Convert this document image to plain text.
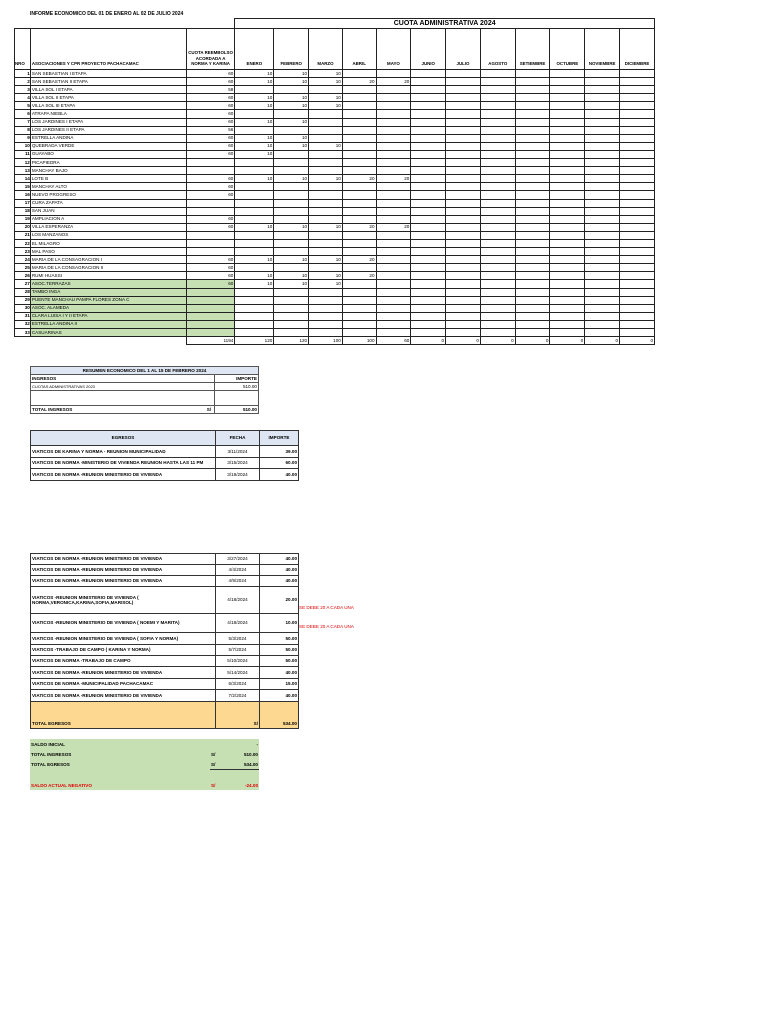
INFORME ECONOMICO DEL 01 DE ENERO AL 02 DE JULIO 2024
			CUOTA ADMINISTRATIVA 2024											
NRO	ASOCIACIONES Y CPR PROYECTO PACHACAMAC	CUOTA REEMBOLSO ACORDADA A NORMA Y KARINA	ENERO	FEBRERO	MARZO	ABRIL	MAYO	JUNIO	JULIO	AGOSTO	SETIEMBRE	OCTUBRE	NOVIEMBRE	DICIEMBRE
1	SAN SEBASTIAN I ETAPA	60	10	10	10									
2	SAN SEBASTIAN II ETAPA	60	10	10	10	20	20							
3	VILLA SOL I ETAPA	58												
4	VILLA SOL II ETAPA	60	10	10	10									
5	VILLA SOL III ETAPA	60	10	10	10									
6	ATRAPA NIEBLA	60												
7	LOS JARDINES I ETAPA	60	10	10										
8	LOS JARDINES II ETAPA	56												
9	ESTRELLA ANDINA	60	10	10										
10	QUEBRADA VERDE	60	10	10	10									
11	GUAYABO	60	10											
12	PICAPIEDRA													
13	MANCHAY BAJO													
14	LOTE B	60	10	10	10	20	20							
15	MANCHAY ALTO	60												
16	NUEVO PROGRESO	60												
17	CURA ZAPATA													
18	SAN JUAN													
19	AMPLIACION A	60												
20	VILLA ESPERANZA	60	10	10	10	20	20							
21	LOS MANZANOS													
22	EL MILAGRO													
23	MAL PASO													
24	MARIA DE LA CONSAGRACION I	60	10	10	10	20								
25	MARIA DE LA CONSAGRACION II	60												
26	RUMI HUASSI	60	10	10	10	20								
27	ASOC.TERRAZAS	60	10	10	10									
28	TAMBO INGA													
29	PUENTE MANCHAU PAMPA FLORES ZONA C													
30	ASOC. ALAMEDA													
31	CLARA LUISA I Y II ETAPA													
32	ESTRELLA ANDINA II													
33	CASUARINAS													
		1194	120	120	100	100	60	0	0	0	0	0	0	0
RESUMEN ECONOMICO DEL 1 AL 15 DE FEBRERO 2024	
INGRESOS	IMPORTE
CUOTAS ADMINISTRATIVAS 2023	510.00

TOTAL INGRESOS S/	510.00
EGRESOS	FECHA	IMPORTE
VIATICOS DE KARINA Y NORMA - REUNION MUNICIPALIDAD	3/11/2024	39.00
VIATICOS DE NORMA -MINISTERIO DE VIVIENDA REUNION HASTA LAS 11 PM	3/15/2024	60.00
VIATICOS DE NORMA -REUNION MINISTERIO DE VIVIENDA	3/19/2024	40.00
VIATICOS DE NORMA -REUNION MINISTERIO DE VIVIENDA	3/27/2024	40.00
VIATICOS DE NORMA -REUNION MINISTERIO DE VIVIENDA	4/4/2024	40.00
VIATICOS DE NORMA -REUNION MINISTERIO DE VIVIENDA	4/9/2024	40.00
VIATICOS -REUNION MINISTERIO DE VIVIENDA ( NORMA,VERONICA,KARINA,SOFIA,MARISOL)	4/18/2024	20.00
VIATICOS -REUNION MINISTERIO DE VIVIENDA ( NOEMI Y MARITA)	4/18/2024	10.00
VIATICOS -REUNION MINISTERIO DE VIVIENDA ( SOFIA Y NORMA)	5/3/2024	50.00
VIATICOS -TRABAJO DE CAMPO ( KARINA Y NORMA)	5/7/2024	50.00
VIATICOS DE NORMA -TRABAJO DE CAMPO	5/10/2024	50.00
VIATICOS DE NORMA -REUNION MINISTERIO DE VIVIENDA	5/14/2024	40.00
VIATICOS DE NORMA -MUNICIPALIDAD PACHACAMAC	6/3/2024	15.00
VIATICOS DE NORMA -REUNION MINISTERIO DE VIVIENDA	7/2/2024	40.00
TOTAL EGRESOS	S/	534.00
SE DEBE 20 A CADA UNA
SE DEBE 20 A CADA UNA
SALDO INICIAL		-
TOTAL INGRESOS	S/	510.00
TOTAL EGRESOS	S/	534.00

SALDO ACTUAL NEGATIVO	S/	-24.00
